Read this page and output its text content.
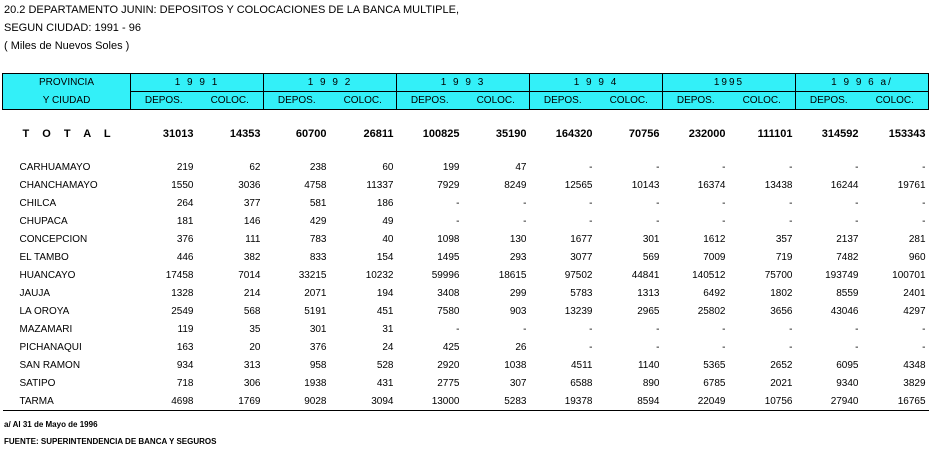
20.2 DEPARTAMENTO JUNIN: DEPOSITOS Y COLOCACIONES DE LA BANCA MULTIPLE,
SEGUN CIUDAD: 1991 - 96
( Miles de Nuevos Soles )
PROVINCIA	1 9 9 1		1 9 9 2		1 9 9 3		1 9 9 4		1995		1 9 9 6 a/	
Y CIUDAD	DEPOS.	COLOC.	DEPOS.	COLOC.	DEPOS.	COLOC.	DEPOS.	COLOC.	DEPOS.	COLOC.	DEPOS.	COLOC.
T O T A L	31013	14353	60700	26811	100825	35190	164320	70756	232000	111101	314592	153343
CARHUAMAYO	219	62	238	60	199	47	-	-	-	-	-	-
CHANCHAMAYO	1550	3036	4758	11337	7929	8249	12565	10143	16374	13438	16244	19761
CHILCA	264	377	581	186	-	-	-	-	-	-	-	-
CHUPACA	181	146	429	49	-	-	-	-	-	-	-	-
CONCEPCION	376	111	783	40	1098	130	1677	301	1612	357	2137	281
EL TAMBO	446	382	833	154	1495	293	3077	569	7009	719	7482	960
HUANCAYO	17458	7014	33215	10232	59996	18615	97502	44841	140512	75700	193749	100701
JAUJA	1328	214	2071	194	3408	299	5783	1313	6492	1802	8559	2401
LA OROYA	2549	568	5191	451	7580	903	13239	2965	25802	3656	43046	4297
MAZAMARI	119	35	301	31	-	-	-	-	-	-	-	-
PICHANAQUI	163	20	376	24	425	26	-	-	-	-	-	-
SAN RAMON	934	313	958	528	2920	1038	4511	1140	5365	2652	6095	4348
SATIPO	718	306	1938	431	2775	307	6588	890	6785	2021	9340	3829
TARMA	4698	1769	9028	3094	13000	5283	19378	8594	22049	10756	27940	16765

a/ Al 31 de Mayo de 1996
FUENTE: SUPERINTENDENCIA DE BANCA Y SEGUROS
